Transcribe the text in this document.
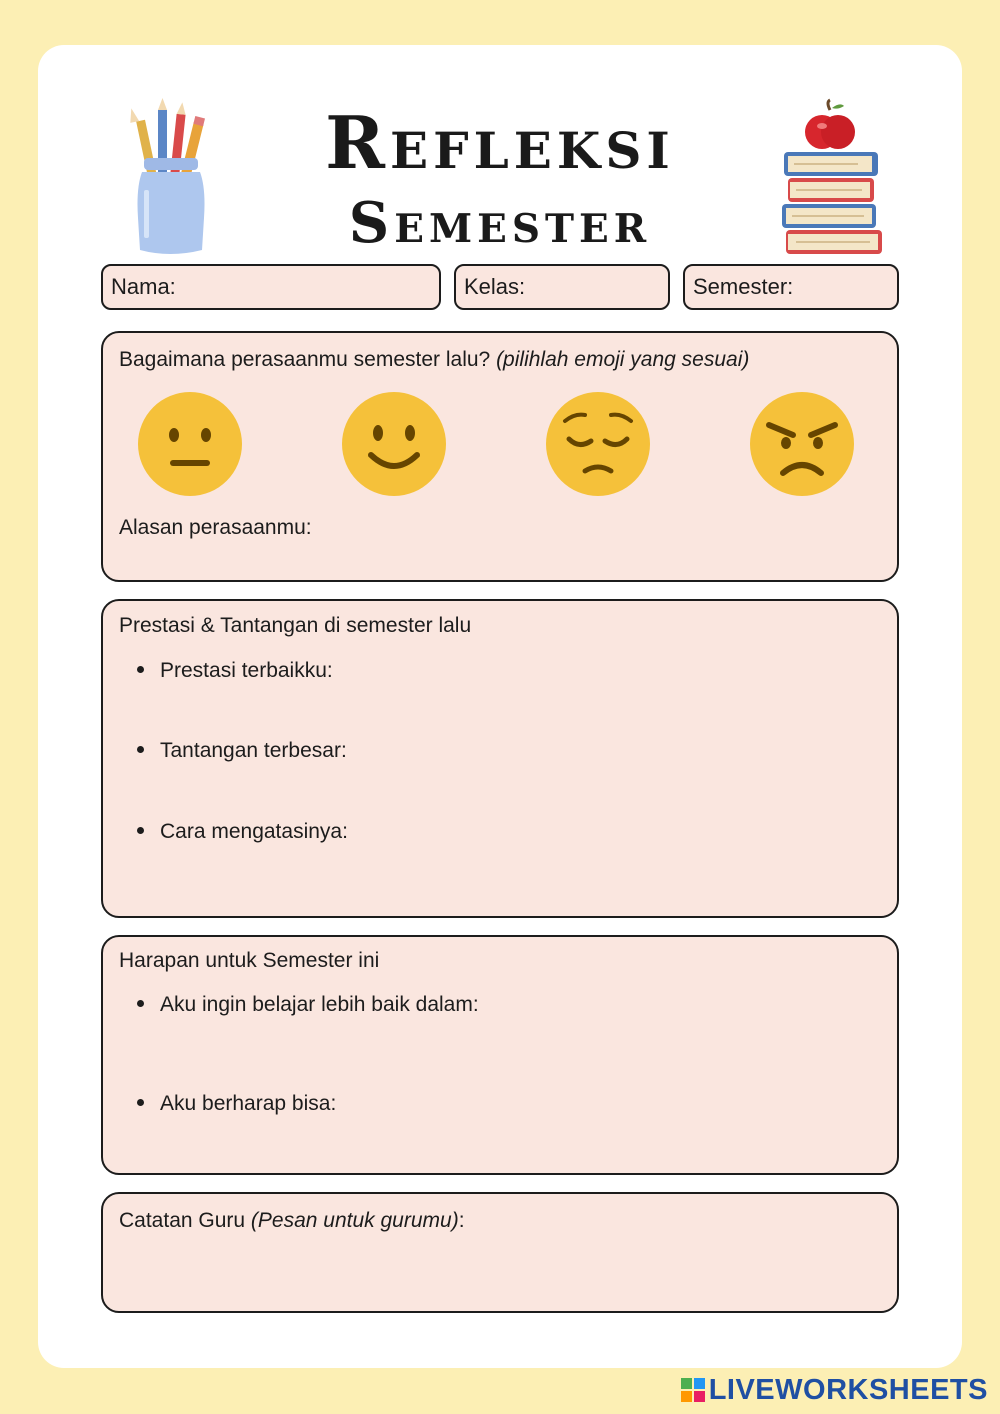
Refleksi
Semester
Nama:	Kelas:	Semester:
Bagaimana perasaanmu semester lalu? (pilihlah emoji yang sesuai)
Alasan perasaanmu:
Prestasi & Tantangan di semester lalu
Prestasi terbaikku:
Tantangan terbesar:
Cara mengatasinya:
Harapan untuk Semester ini
Aku ingin belajar lebih baik dalam:
Aku berharap bisa:
Catatan Guru (Pesan untuk gurumu):
LIVEWORKSHEETS
